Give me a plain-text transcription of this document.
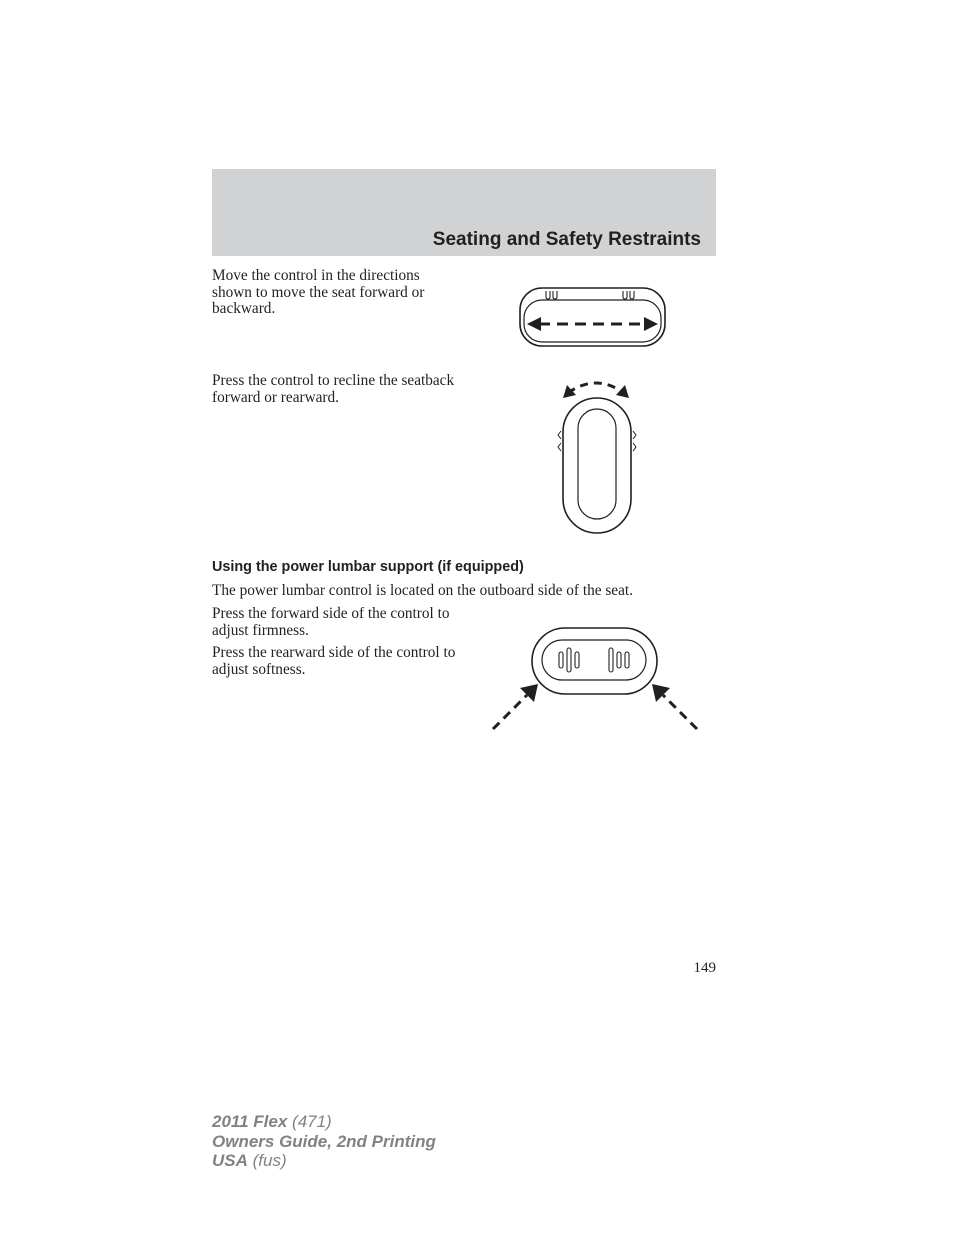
Seating and Safety Restraints

Move the control in the directions shown to move the seat forward or backward.

Press the control to recline the seatback forward or rearward.

Using the power lumbar support (if equipped)

The power lumbar control is located on the outboard side of the seat.

Press the forward side of the control to adjust firmness.

Press the rearward side of the control to adjust softness.

149

2011 Flex (471)
Owners Guide, 2nd Printing
USA (fus)
